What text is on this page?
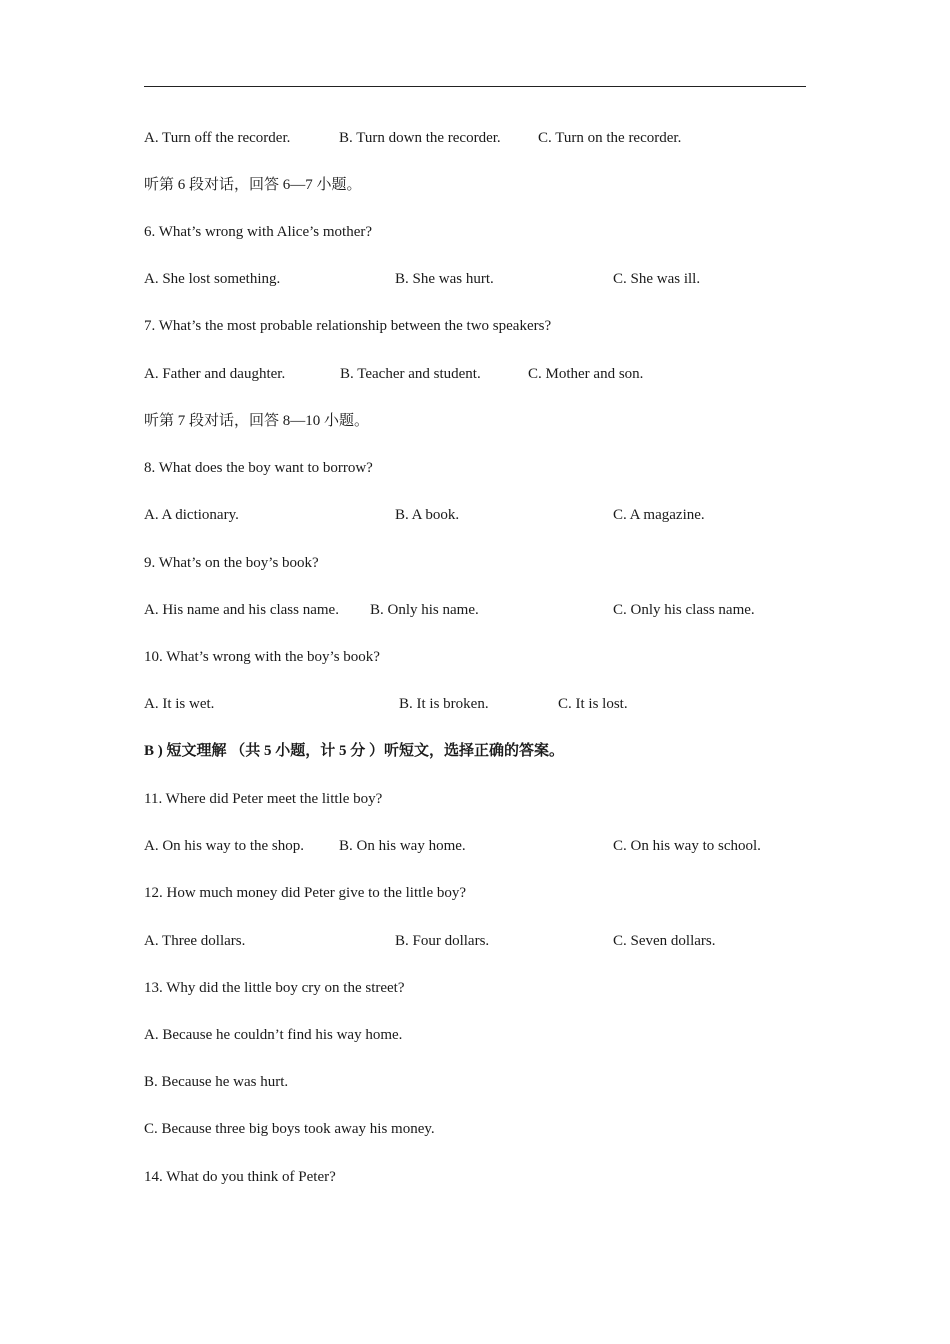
A. Turn off the recorder.	B. Turn down the recorder. C. Turn on the recorder.
听第 6 段对话，回答 6—7 小题。
6. What’s wrong with Alice’s mother?
A. She lost something.	B. She was hurt.	C. She was ill.
7. What’s the most probable relationship between the two speakers?
A. Father and daughter.	B. Teacher and student.	C. Mother and son.
听第 7 段对话，回答 8—10 小题。
8. What does the boy want to borrow?
A. A dictionary.	B. A book.	C. A magazine.
9. What’s on the boy’s book?
A. His name and his class name. B. Only his name.	C. Only his class name.
10. What’s wrong with the boy’s book?
A. It is wet.	B. It is broken.	C. It is lost.
B ) 短文理解 （共 5 小题，计 5 分 ）听短文，选择正确的答案。
11. Where did Peter meet the little boy?
A. On his way to the shop. B. On his way home.	C. On his way to school.
12. How much money did Peter give to the little boy?
A. Three dollars.	B. Four dollars.	C. Seven dollars.
13. Why did the little boy cry on the street?
A. Because he couldn’t find his way home.
B. Because he was hurt.
C. Because three big boys took away his money.
14. What do you think of Peter?
